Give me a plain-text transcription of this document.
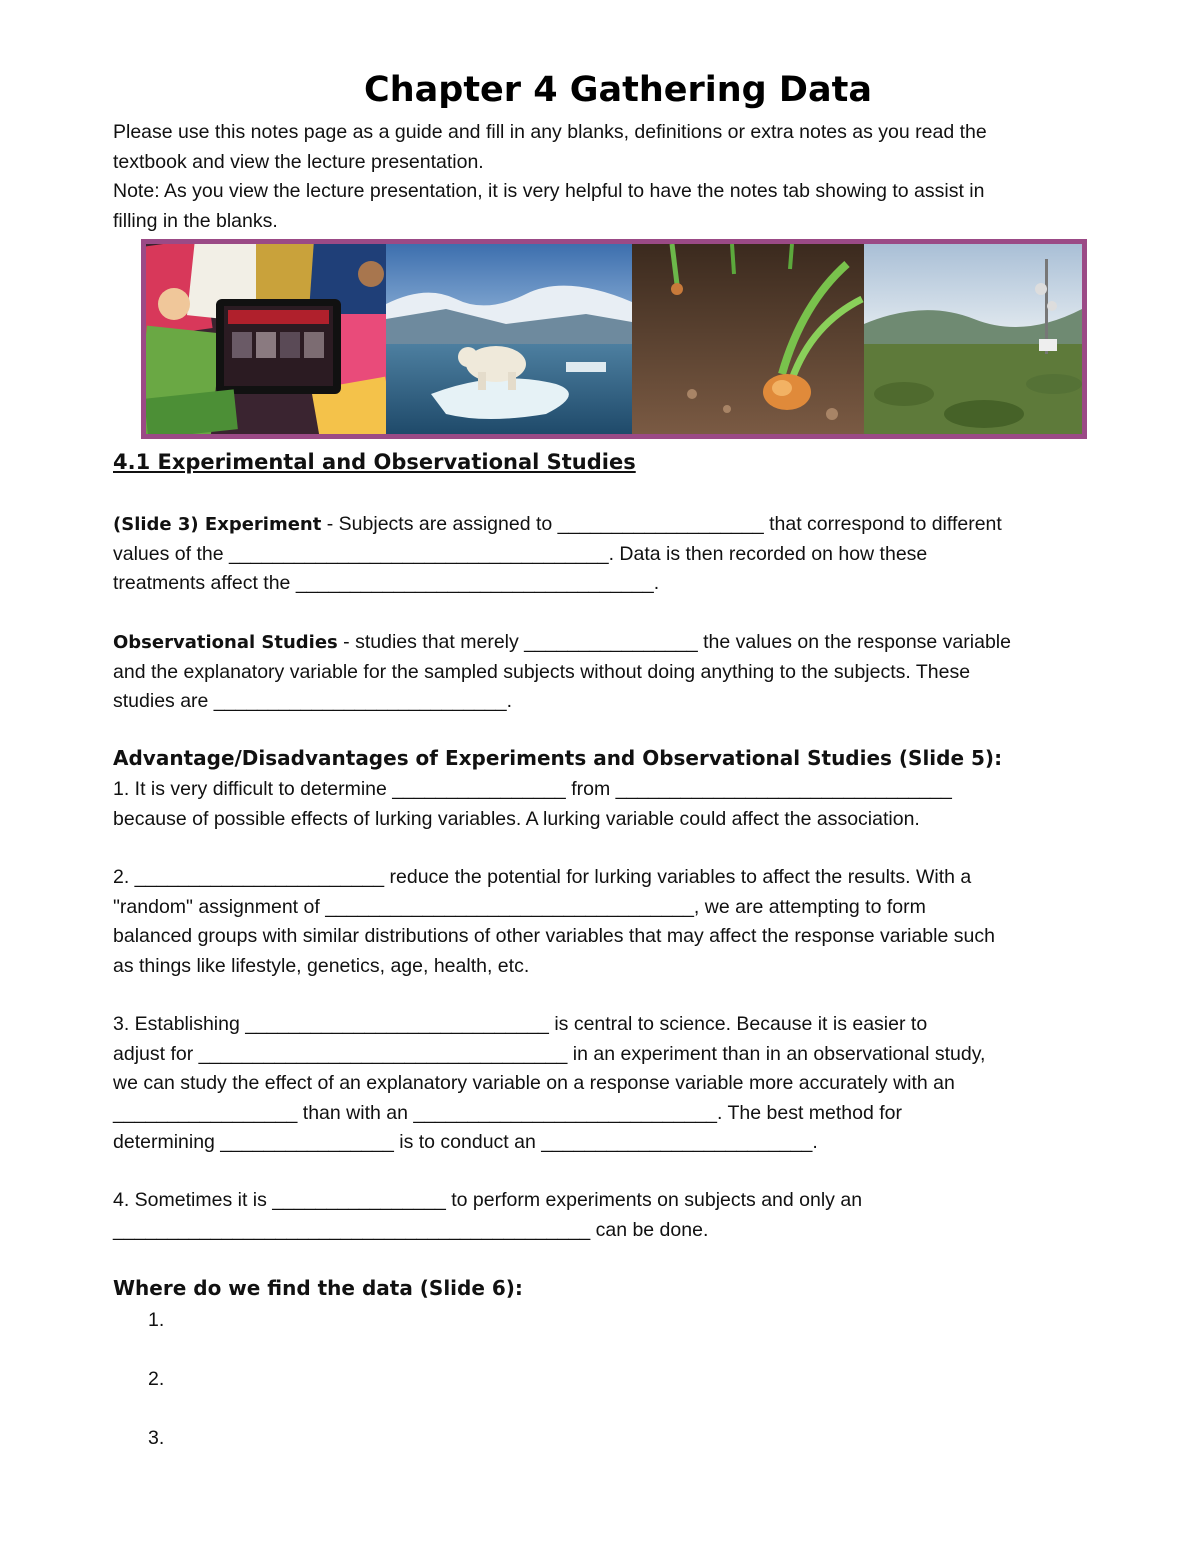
Chapter 4 Gathering Data

Please use this notes page as a guide and fill in any blanks, definitions or extra notes as you read the

textbook and view the lecture presentation.

Note: As you view the lecture presentation, it is very helpful to have the notes tab showing to assist in

filling in the blanks.

4.1 Experimental and Observational Studies

(Slide 3) Experiment - Subjects are assigned to ___________________ that correspond to different

values of the ___________________________________. Data is then recorded on how these

treatments affect the _________________________________.

Observational Studies - studies that merely ________________ the values on the response variable

and the explanatory variable for the sampled subjects without doing anything to the subjects. These

studies are ___________________________.

Advantage/Disadvantages of Experiments and Observational Studies (Slide 5):

1. It is very difficult to determine ________________ from _______________________________

because of possible effects of lurking variables. A lurking variable could affect the association.

2. _______________________ reduce the potential for lurking variables to affect the results. With a

"random" assignment of __________________________________, we are attempting to form

balanced groups with similar distributions of other variables that may affect the response variable such

as things like lifestyle, genetics, age, health, etc.

3. Establishing ____________________________ is central to science. Because it is easier to

adjust for __________________________________ in an experiment than in an observational study,

we can study the effect of an explanatory variable on a response variable more accurately with an

_________________ than with an ____________________________. The best method for

determining ________________ is to conduct an _________________________.

4. Sometimes it is ________________ to perform experiments on subjects and only an

____________________________________________ can be done.

Where do we find the data (Slide 6):
1.
2.
3.
